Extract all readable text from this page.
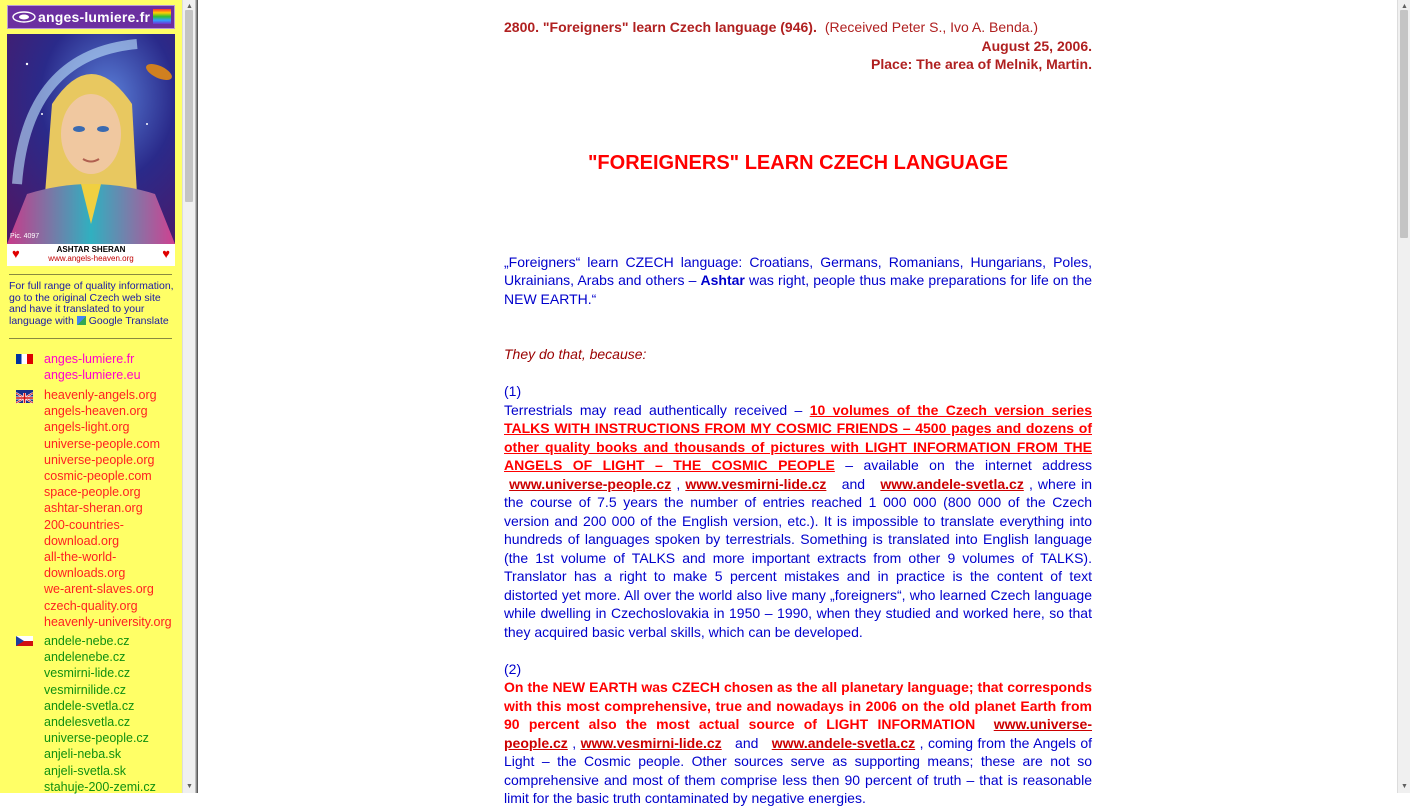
anges-lumiere.fr
Pic. 4097
♥	♥
ASHTAR SHERAN
www.angels-heaven.org
For full range of quality information, go to the original Czech web site and have it translated to your language with Google Translate
anges-lumiere.fr
anges-lumiere.eu
heavenly-angels.org
angels-heaven.org
angels-light.org
universe-people.com
universe-people.org
cosmic-people.com
space-people.org
ashtar-sheran.org
200-countries-
download.org
all-the-world-
downloads.org
we-arent-slaves.org
czech-quality.org
heavenly-university.org
andele-nebe.cz
andelenebe.cz
vesmirni-lide.cz
vesmirnilide.cz
andele-svetla.cz
andelesvetla.cz
universe-people.cz
anjeli-neba.sk
anjeli-svetla.sk
stahuje-200-zemi.cz
▲
▼
2800. "Foreigners" learn Czech language (946). (Received Peter S., Ivo A. Benda.)
August 25, 2006.
Place: The area of Melnik, Martin.
"FOREIGNERS" LEARN CZECH LANGUAGE

„Foreigners“ learn CZECH language: Croatians, Germans, Romanians, Hungarians, Poles, Ukrainians, Arabs and others – Ashtar was right, people thus make preparations for life on the NEW EARTH.“

They do that, because:

(1)

Terrestrials may read authentically received – 10 volumes of the Czech version series TALKS WITH INSTRUCTIONS FROM MY COSMIC FRIENDS – 4500 pages and dozens of other quality books and thousands of pictures with LIGHT INFORMATION FROM THE ANGELS OF LIGHT – THE COSMIC PEOPLE – available on the internet address  www.universe-people.cz , www.vesmirni-lide.cz and www.andele-svetla.cz , where in the course of 7.5 years the number of entries reached 1 000 000 (800 000 of the Czech version and 200 000 of the English version, etc.). It is impossible to translate everything into hundreds of languages spoken by terrestrials. Something is translated into English language (the 1st volume of TALKS and more important extracts from other 9 volumes of TALKS). Translator has a right to make 5 percent mistakes and in practice is the content of text distorted yet more. All over the world also live many „foreigners“, who learned Czech language while dwelling in Czechoslovakia in 1950 – 1990, when they studied and worked here, so that they acquired basic verbal skills, which can be developed.

(2)

On the NEW EARTH was CZECH chosen as the all planetary language; that corresponds with this most comprehensive, true and nowadays in 2006 on the old planet Earth from 90 percent also the most actual source of LIGHT INFORMATION www.universe-people.cz , www.vesmirni-lide.cz and www.andele-svetla.cz , coming from the Angels of Light – the Cosmic people. Other sources serve as supporting means; these are not so comprehensive and most of them comprise less then 90 percent of truth – that is reasonable limit for the basic truth contaminated by negative energies.

▲
▼
